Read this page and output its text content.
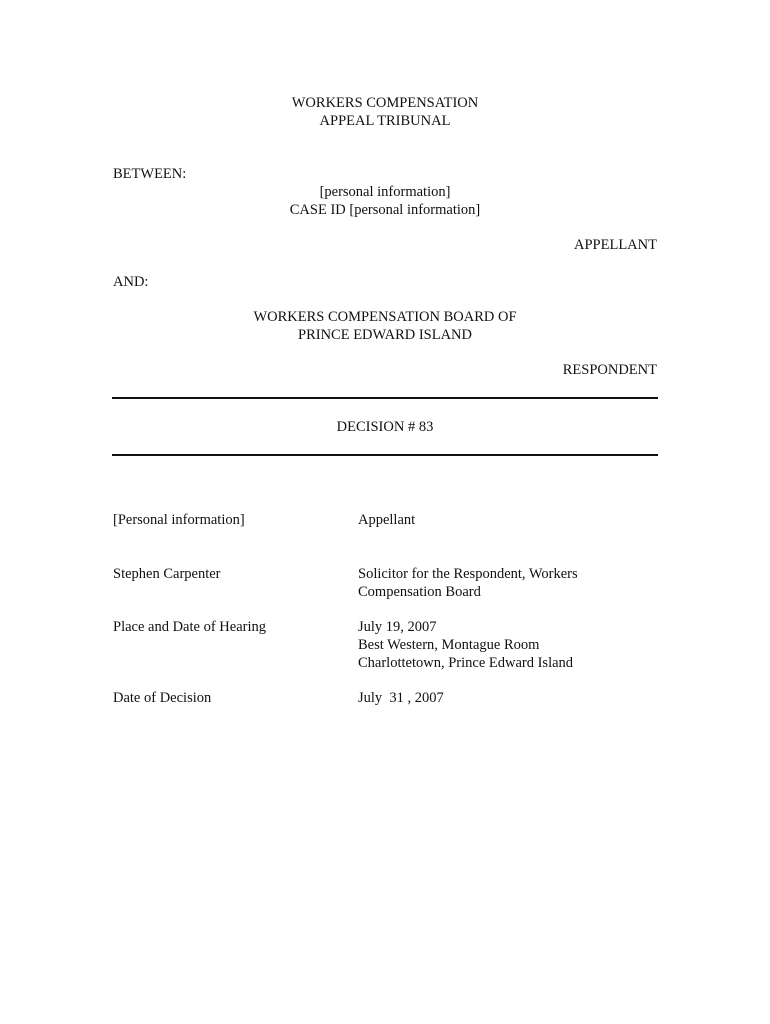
WORKERS COMPENSATION
APPEAL TRIBUNAL
BETWEEN:
[personal information]
CASE ID [personal information]
APPELLANT
AND:
WORKERS COMPENSATION BOARD OF
PRINCE EDWARD ISLAND
RESPONDENT
DECISION # 83
[Personal information]	Appellant
Stephen Carpenter	Solicitor for the Respondent, Workers
Compensation Board
Place and Date of Hearing	July 19, 2007
Best Western, Montague Room
Charlottetown, Prince Edward Island
Date of Decision	July  31 , 2007
